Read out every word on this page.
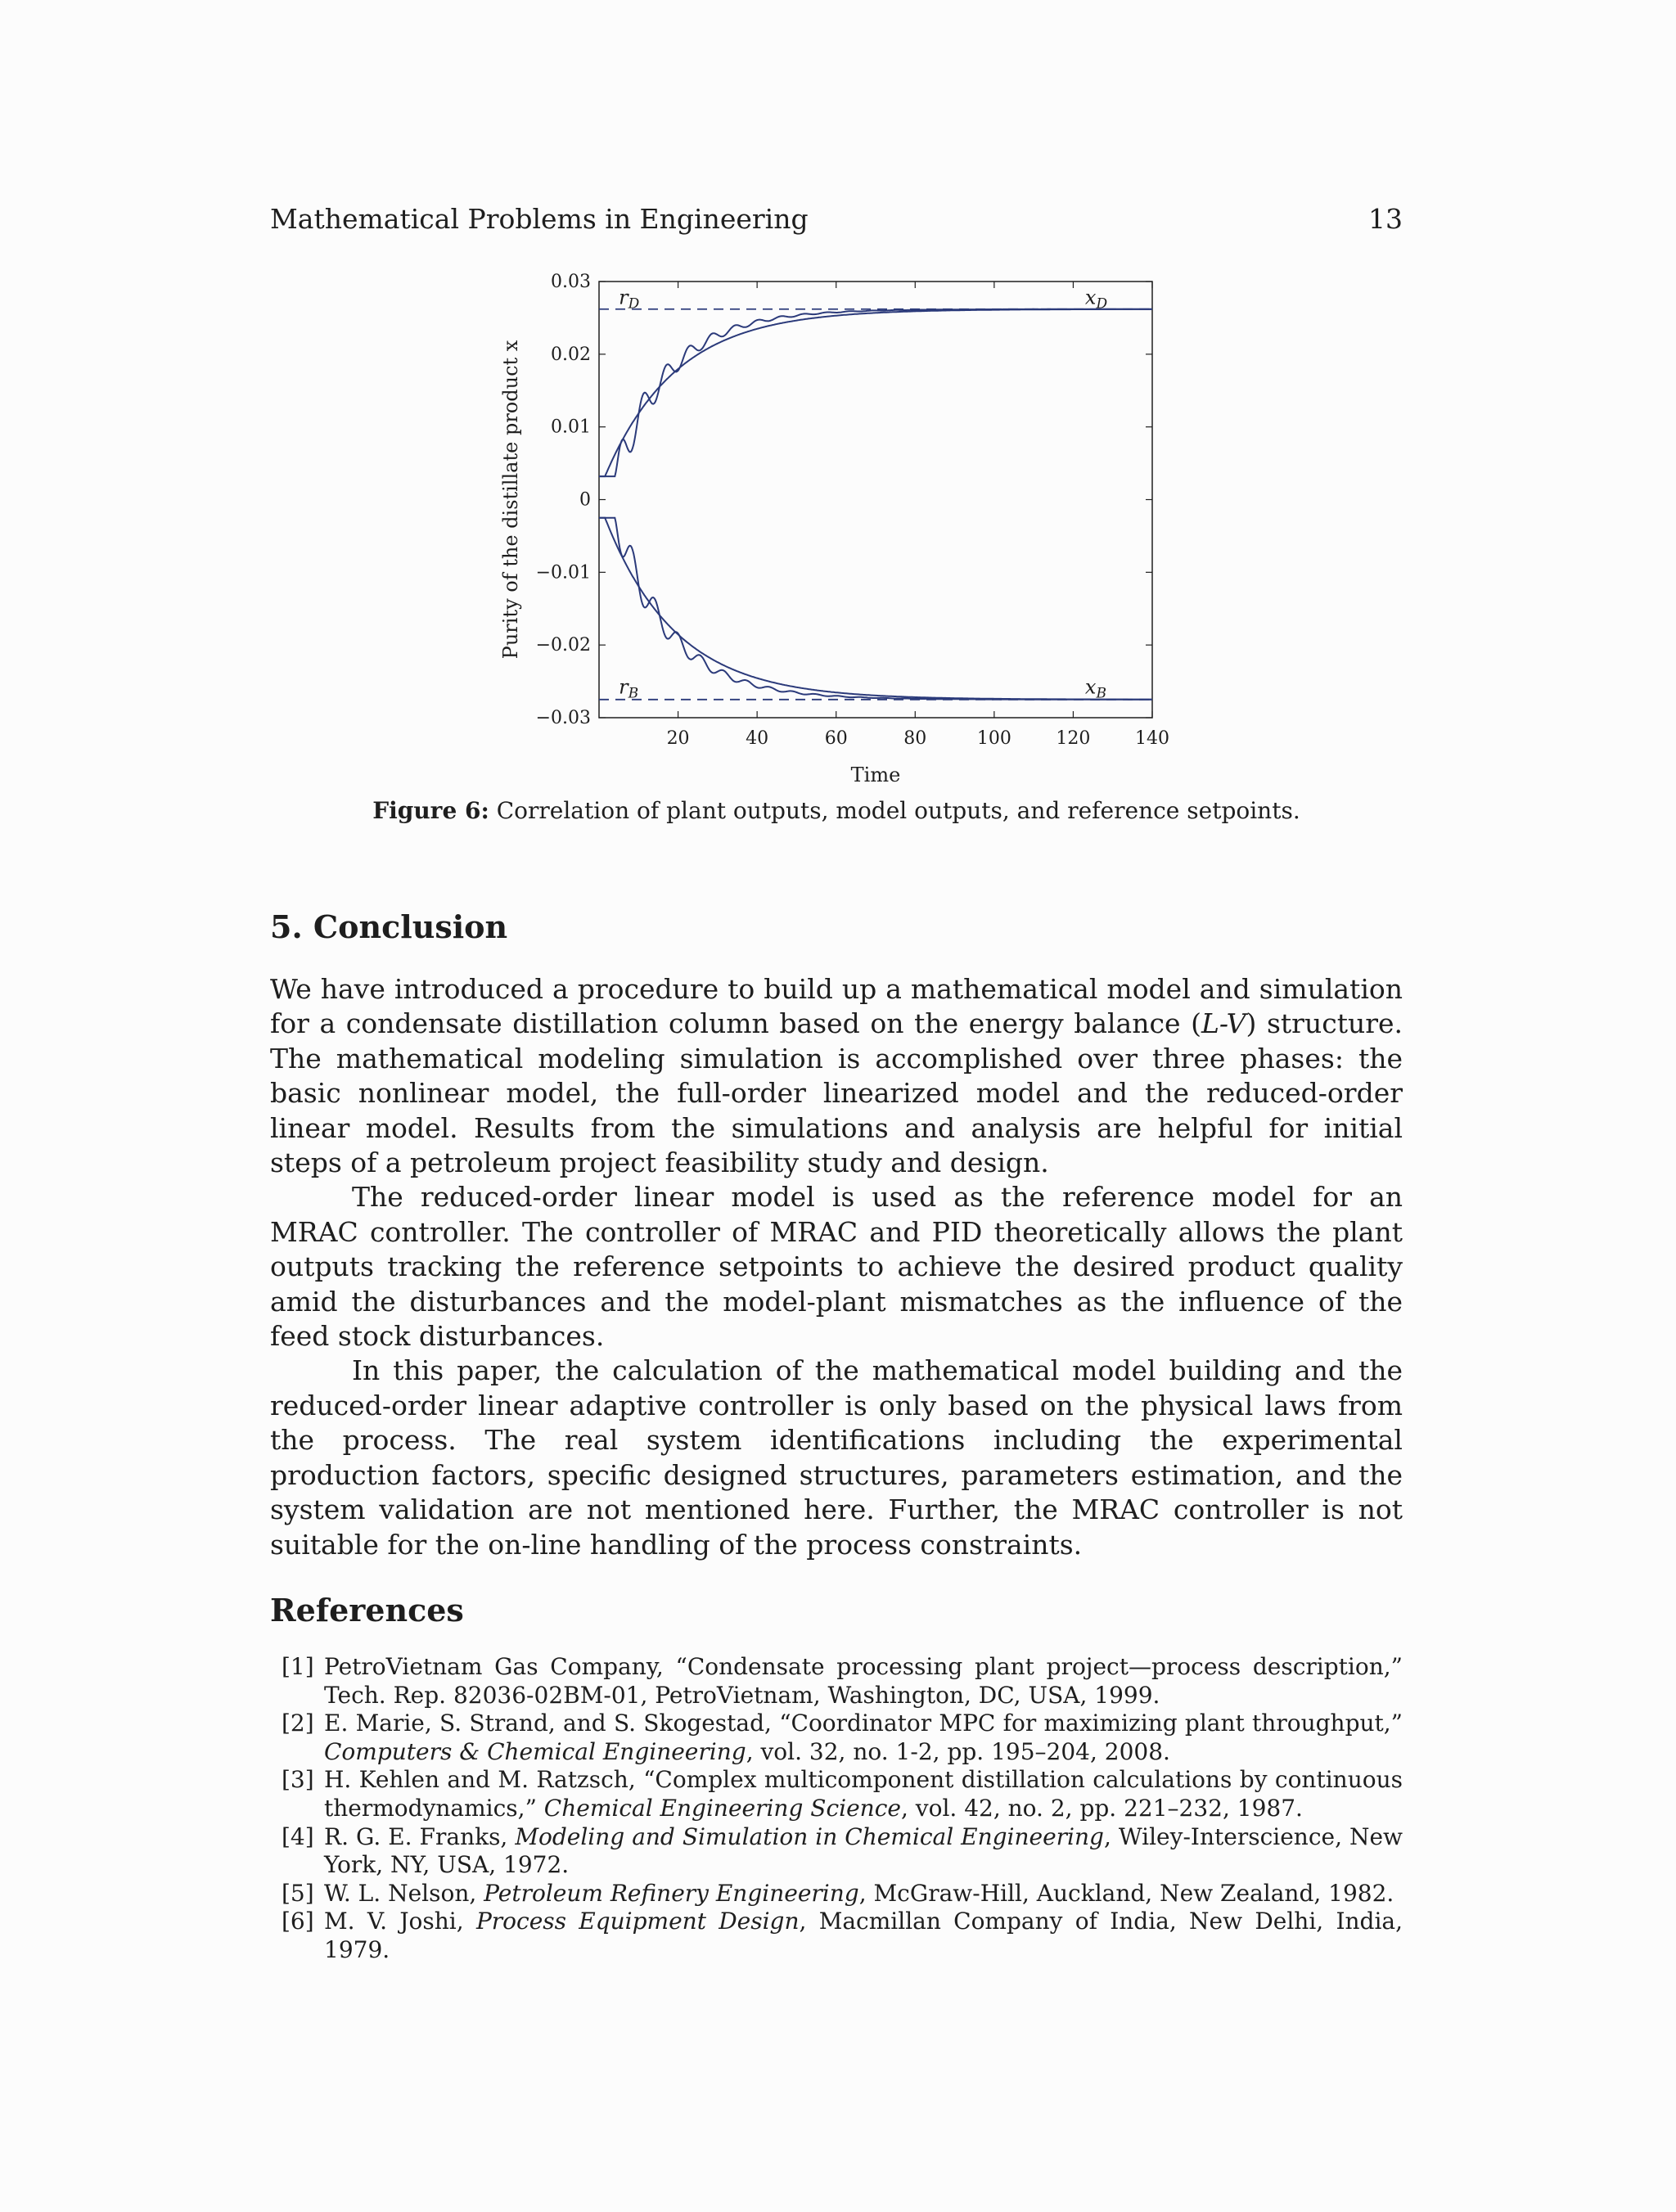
Mathematical Problems in Engineering	13
0.03
0.02
0.01
0
−0.01
−0.02
−0.03
20	40	60	80	100 120 140
Time
Purity of the distillate product x
$r_D$	$x_D$
$r_B$	$x_B$
Figure 6: Correlation of plant outputs, model outputs, and reference setpoints.
5. Conclusion

We have introduced a procedure to build up a mathematical model and simulation for a condensate distillation column based on the energy balance (L-V) structure. The mathematical modeling simulation is accomplished over three phases: the basic nonlinear model, the full-order linearized model and the reduced-order linear model. Results from the simulations and analysis are helpful for initial steps of a petroleum project feasibility study and design.

The reduced-order linear model is used as the reference model for an MRAC controller. The controller of MRAC and PID theoretically allows the plant outputs tracking the reference setpoints to achieve the desired product quality amid the disturbances and the model-plant mismatches as the influence of the feed stock disturbances.

In this paper, the calculation of the mathematical model building and the reduced-order linear adaptive controller is only based on the physical laws from the process. The real system identifications including the experimental production factors, specific designed structures, parameters estimation, and the system validation are not mentioned here. Further, the MRAC controller is not suitable for the on-line handling of the process constraints.

References
[1] PetroVietnam Gas Company, “Condensate processing plant project—process description,” Tech. Rep. 82036-02BM-01, PetroVietnam, Washington, DC, USA, 1999.
[2] E. Marie, S. Strand, and S. Skogestad, “Coordinator MPC for maximizing plant throughput,” Computers & Chemical Engineering, vol. 32, no. 1-2, pp. 195–204, 2008.
[3] H. Kehlen and M. Ratzsch, “Complex multicomponent distillation calculations by continuous thermodynamics,” Chemical Engineering Science, vol. 42, no. 2, pp. 221–232, 1987.
[4] R. G. E. Franks, Modeling and Simulation in Chemical Engineering, Wiley-Interscience, New York, NY, USA, 1972.
[5] W. L. Nelson, Petroleum Refinery Engineering, McGraw-Hill, Auckland, New Zealand, 1982.
[6] M. V. Joshi, Process Equipment Design, Macmillan Company of India, New Delhi, India, 1979.
